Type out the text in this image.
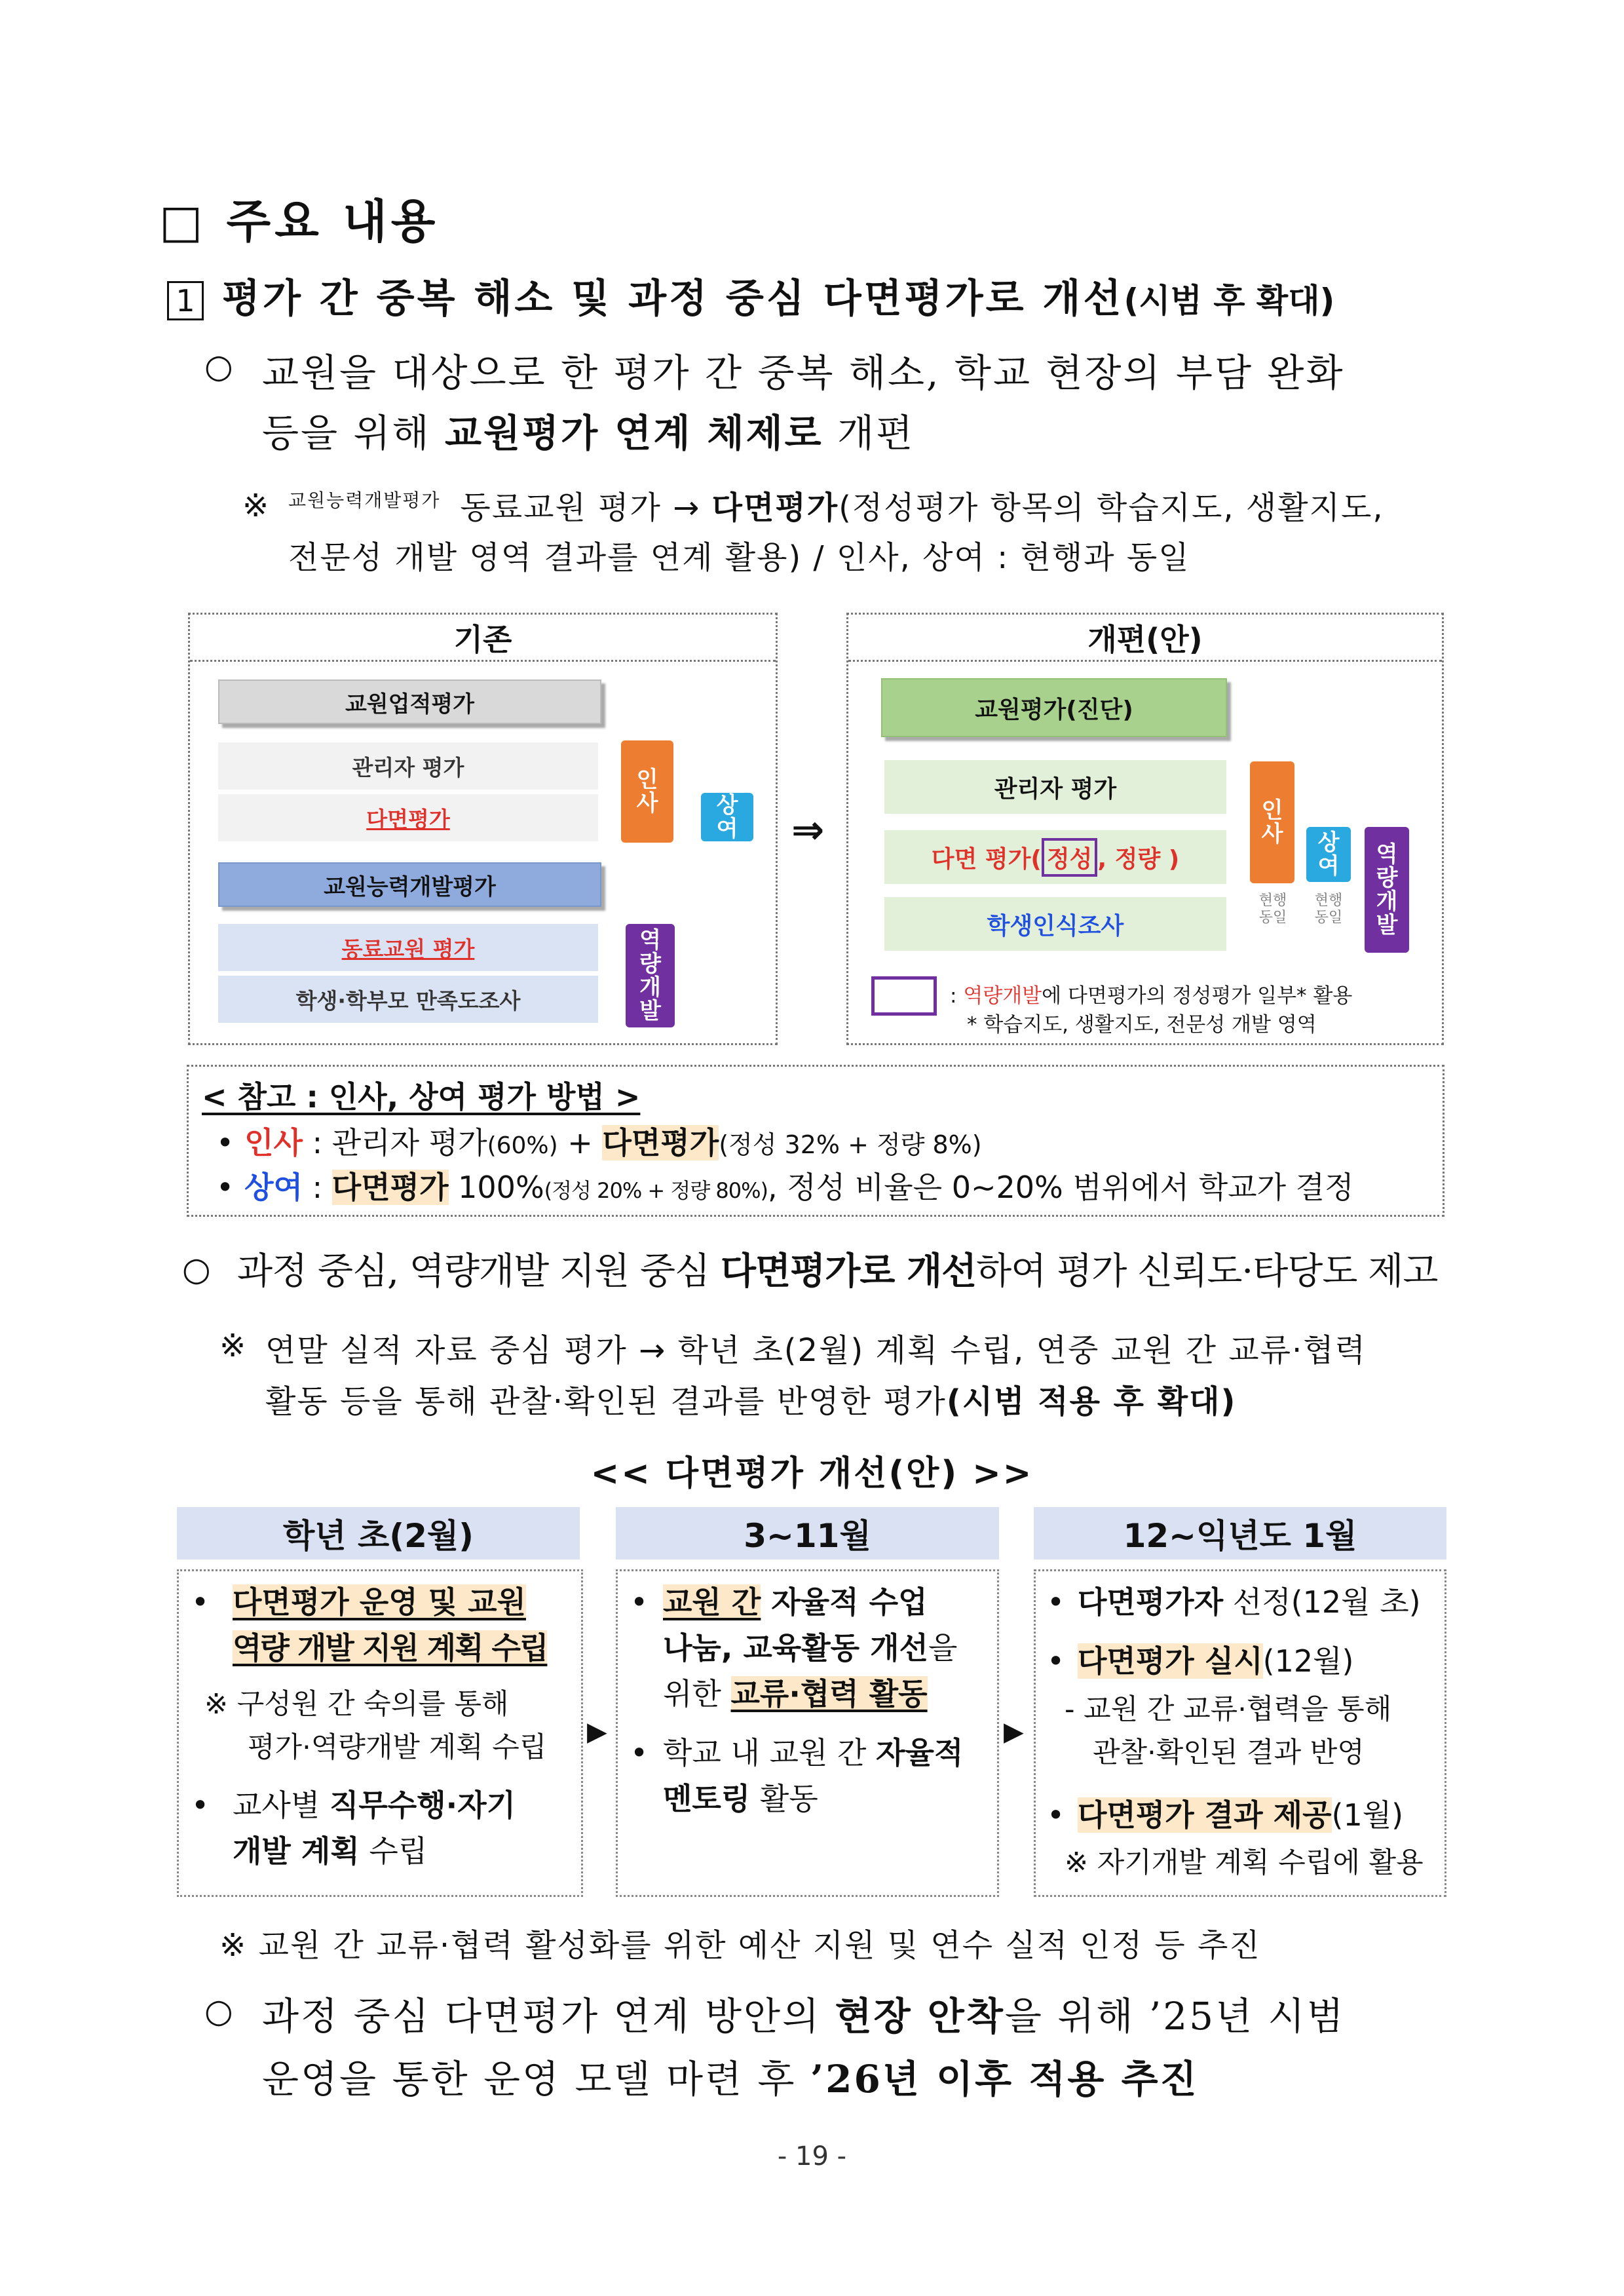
□ 주요 내용
1 평가 간 중복 해소 및 과정 중심 다면평가로 개선(시범 후 확대)
○ 교원을 대상으로 한 평가 간 중복 해소, 학교 현장의 부담 완화
등을 위해 교원평가 연계 체제로 개편
※ $^{교원능력개발평가}$ 동료교원 평가 → 다면평가(정성평가 항목의 학습지도, 생활지도,
전문성 개발 영역 결과를 연계 활용) / 인사, 상여 : 현행과 동일
기존
교원업적평가
관리자 평가
다면평가
교원능력개발평가
동료교원 평가
학생·학부모 만족도조사
인
사	상
여
역
량
개
발
⇒
개편(안)
교원평가(진단)
관리자 평가
다면 평가( 정성 , 정량 )
학생인식조사
인
사 상
여 역
량
개
발
현행
동일
현행
동일
: 역량개발에 다면평가의 정성평가 일부* 활용
* 학습지도, 생활지도, 전문성 개발 영역
< 참고 : 인사, 상여 평가 방법 >
• 인사 : 관리자 평가(60%) + 다면평가(정성 32% + 정량 8%)
• 상여 : 다면평가 100%(정성 20% + 정량 80%), 정성 비율은 0~20% 범위에서 학교가 결정
○ 과정 중심, 역량개발 지원 중심 다면평가로 개선하여 평가 신뢰도·타당도 제고
※ 연말 실적 자료 중심 평가 → 학년 초(2월) 계획 수립, 연중 교원 간 교류·협력
활동 등을 통해 관찰·확인된 결과를 반영한 평가(시범 적용 후 확대)
<< 다면평가 개선(안) >>
학년 초(2월)	3~11월	12~익년도 1월
▶	▶
• 다면평가 운영 및 교원
역량 개발 지원 계획 수립
※ 구성원 간 숙의를 통해
평가·역량개발 계획 수립
• 교사별 직무수행·자기
개발 계획 수립
• 교원 간 자율적 수업
나눔, 교육활동 개선을
위한 교류·협력 활동
• 학교 내 교원 간 자율적
멘토링 활동
• 다면평가자 선정(12월 초)
• 다면평가 실시(12월)
- 교원 간 교류·협력을 통해
관찰·확인된 결과 반영
• 다면평가 결과 제공(1월)
※ 자기개발 계획 수립에 활용
※ 교원 간 교류·협력 활성화를 위한 예산 지원 및 연수 실적 인정 등 추진
○ 과정 중심 다면평가 연계 방안의 현장 안착을 위해 ’25년 시범
운영을 통한 운영 모델 마련 후 ’26년 이후 적용 추진
- 19 -
